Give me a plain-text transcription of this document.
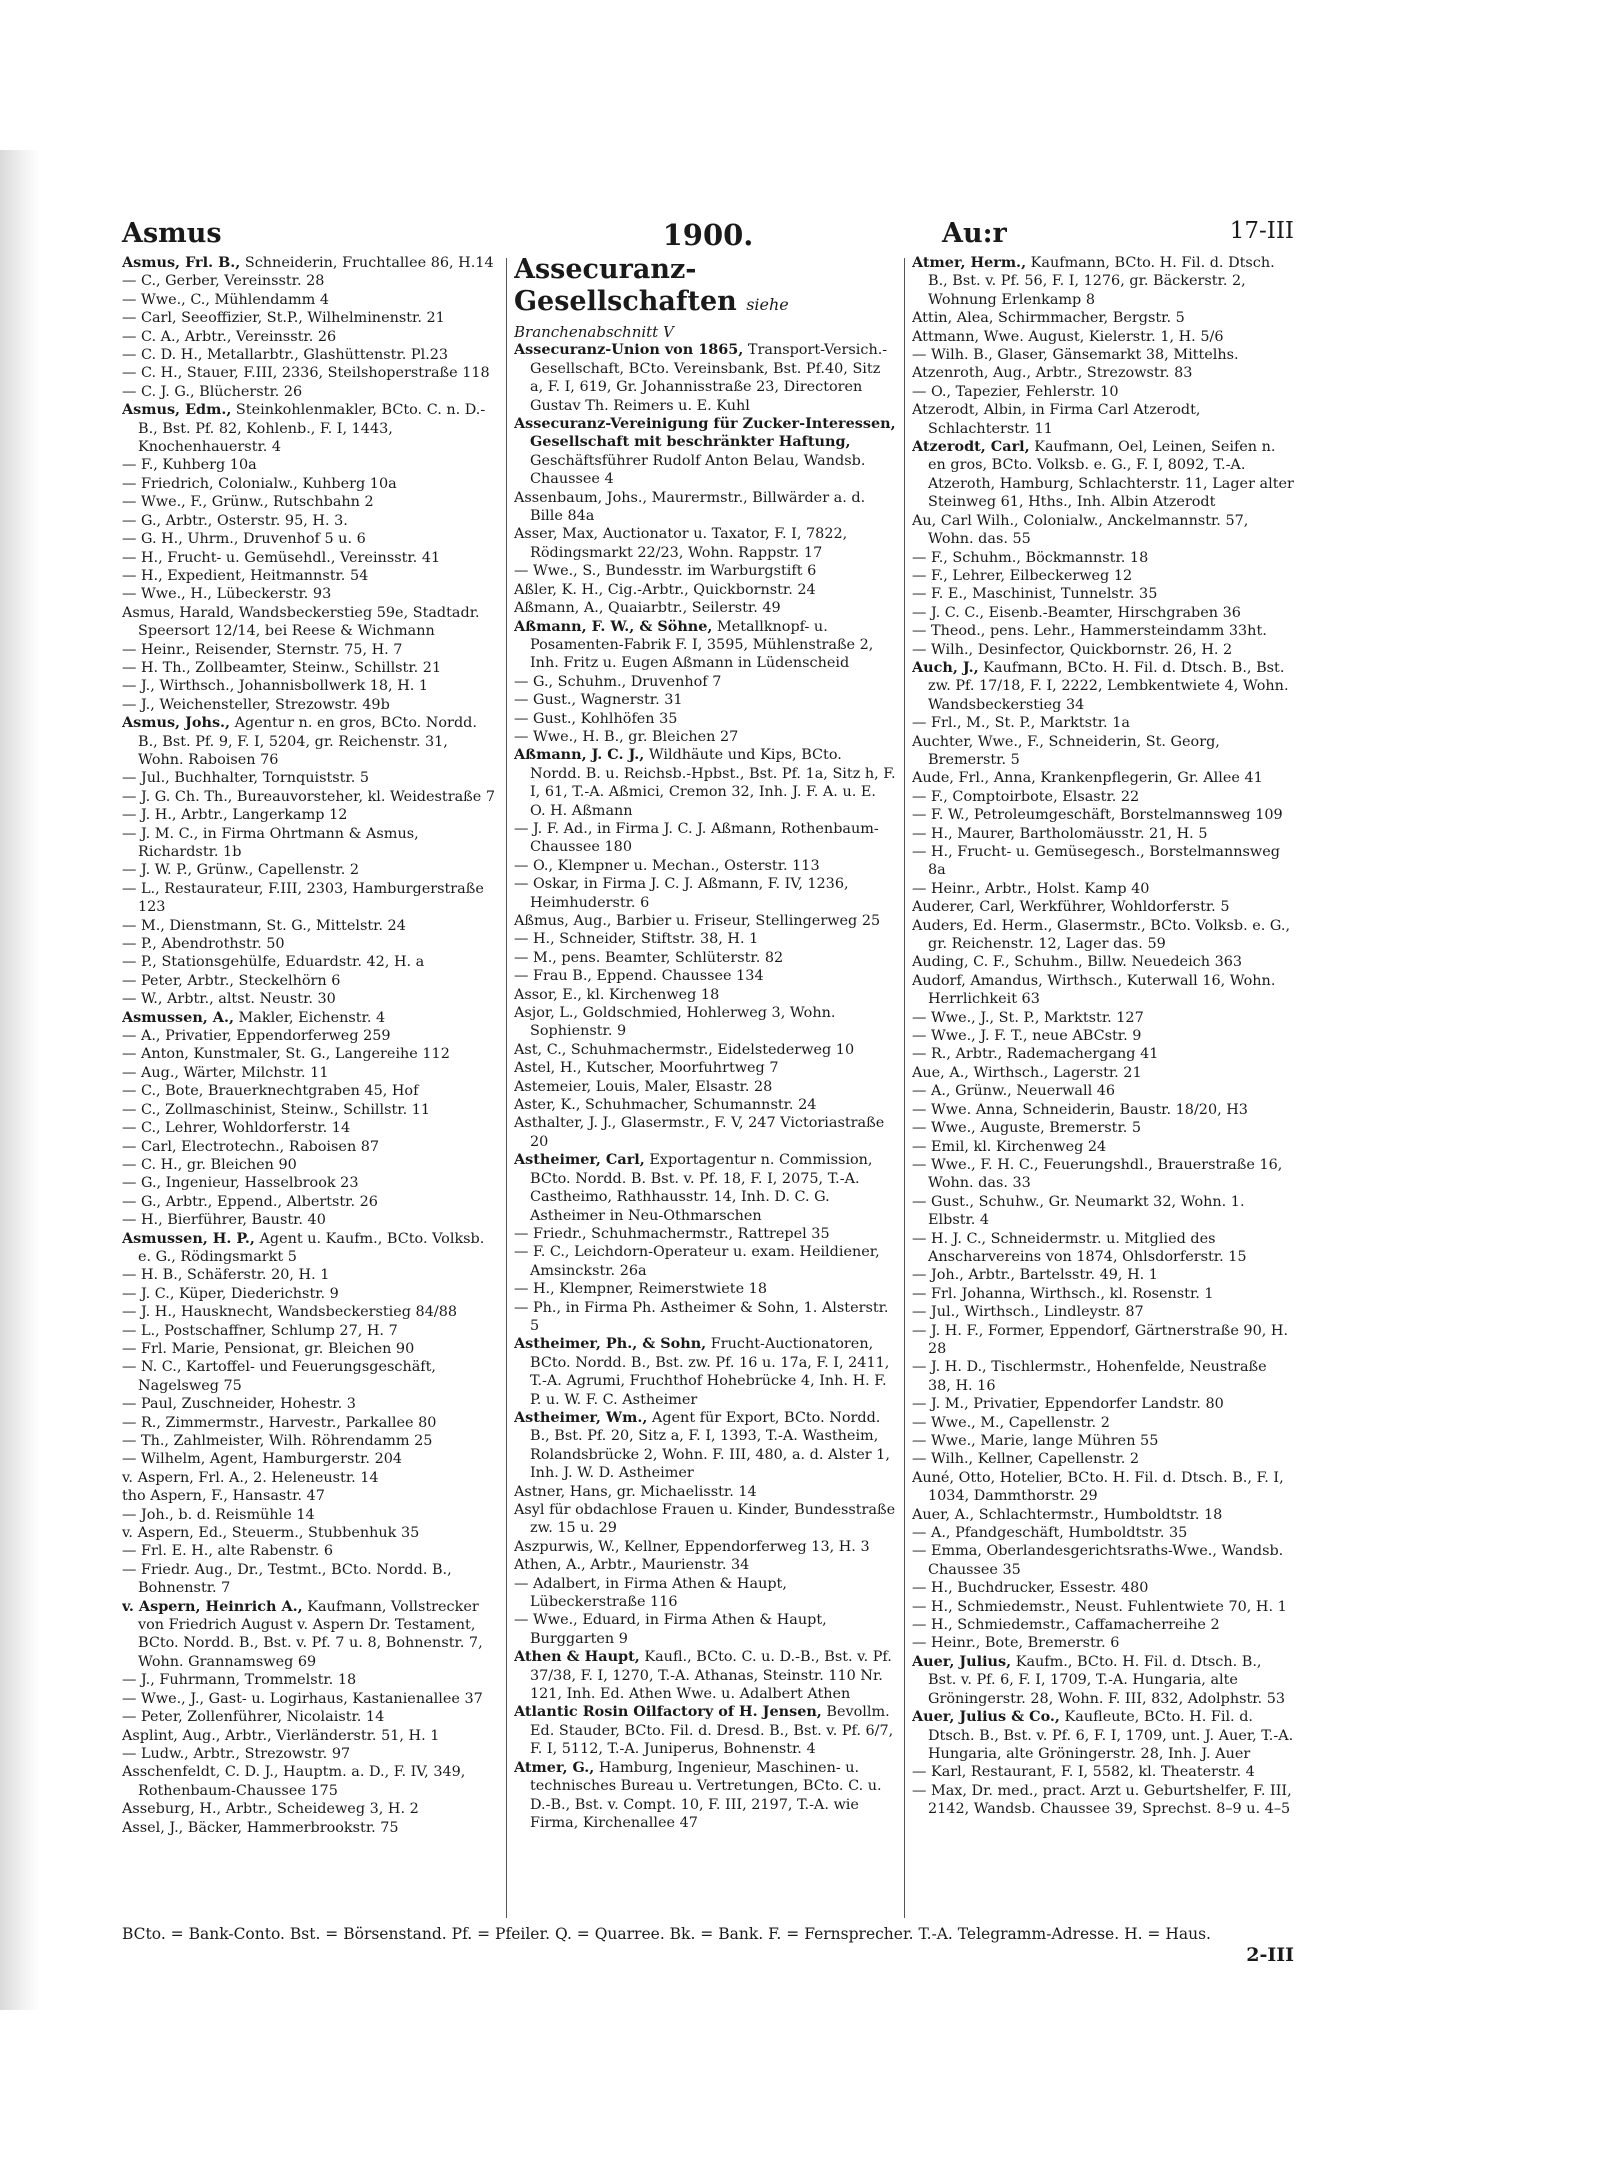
Asmus	1900.	Au:r	17-III

Asmus, Frl. B., Schneiderin, Fruchtallee 86, H.14

— C., Gerber, Vereinsstr. 28

— Wwe., C., Mühlendamm 4

— Carl, Seeoffizier, St.P., Wilhelminenstr. 21

— C. A., Arbtr., Vereinsstr. 26

— C. D. H., Metallarbtr., Glashüttenstr. Pl.23

— C. H., Stauer, F.III, 2336, Steilshoperstraße 118

— C. J. G., Blücherstr. 26

Asmus, Edm., Steinkohlenmakler, BCto. C. n. D.-B., Bst. Pf. 82, Kohlenb., F. I, 1443, Knochenhauerstr. 4

— F., Kuhberg 10a

— Friedrich, Colonialw., Kuhberg 10a

— Wwe., F., Grünw., Rutschbahn 2

— G., Arbtr., Osterstr. 95, H. 3.

— G. H., Uhrm., Druvenhof 5 u. 6

— H., Frucht- u. Gemüsehdl., Vereinsstr. 41

— H., Expedient, Heitmannstr. 54

— Wwe., H., Lübeckerstr. 93

Asmus, Harald, Wandsbeckerstieg 59e, Stadtadr. Speersort 12/14, bei Reese & Wichmann

— Heinr., Reisender, Sternstr. 75, H. 7

— H. Th., Zollbeamter, Steinw., Schillstr. 21

— J., Wirthsch., Johannisbollwerk 18, H. 1

— J., Weichensteller, Strezowstr. 49b

Asmus, Johs., Agentur n. en gros, BCto. Nordd. B., Bst. Pf. 9, F. I, 5204, gr. Reichenstr. 31, Wohn. Raboisen 76

— Jul., Buchhalter, Tornquiststr. 5

— J. G. Ch. Th., Bureauvorsteher, kl. Weidestraße 7

— J. H., Arbtr., Langerkamp 12

— J. M. C., in Firma Ohrtmann & Asmus, Richardstr. 1b

— J. W. P., Grünw., Capellenstr. 2

— L., Restaurateur, F.III, 2303, Hamburgerstraße 123

— M., Dienstmann, St. G., Mittelstr. 24

— P., Abendrothstr. 50

— P., Stationsgehülfe, Eduardstr. 42, H. a

— Peter, Arbtr., Steckelhörn 6

— W., Arbtr., altst. Neustr. 30

Asmussen, A., Makler, Eichenstr. 4

— A., Privatier, Eppendorferweg 259

— Anton, Kunstmaler, St. G., Langereihe 112

— Aug., Wärter, Milchstr. 11

— C., Bote, Brauerknechtgraben 45, Hof

— C., Zollmaschinist, Steinw., Schillstr. 11

— C., Lehrer, Wohldorferstr. 14

— Carl, Electrotechn., Raboisen 87

— C. H., gr. Bleichen 90

— G., Ingenieur, Hasselbrook 23

— G., Arbtr., Eppend., Albertstr. 26

— H., Bierführer, Baustr. 40

Asmussen, H. P., Agent u. Kaufm., BCto. Volksb. e. G., Rödingsmarkt 5

— H. B., Schäferstr. 20, H. 1

— J. C., Küper, Diederichstr. 9

— J. H., Hausknecht, Wandsbeckerstieg 84/88

— L., Postschaffner, Schlump 27, H. 7

— Frl. Marie, Pensionat, gr. Bleichen 90

— N. C., Kartoffel- und Feuerungsgeschäft, Nagelsweg 75

— Paul, Zuschneider, Hohestr. 3

— R., Zimmermstr., Harvestr., Parkallee 80

— Th., Zahlmeister, Wilh. Röhrendamm 25

— Wilhelm, Agent, Hamburgerstr. 204

v. Aspern, Frl. A., 2. Heleneustr. 14

tho Aspern, F., Hansastr. 47

— Joh., b. d. Reismühle 14

v. Aspern, Ed., Steuerm., Stubbenhuk 35

— Frl. E. H., alte Rabenstr. 6

— Friedr. Aug., Dr., Testmt., BCto. Nordd. B., Bohnenstr. 7

v. Aspern, Heinrich A., Kaufmann, Vollstrecker von Friedrich August v. Aspern Dr. Testament, BCto. Nordd. B., Bst. v. Pf. 7 u. 8, Bohnenstr. 7, Wohn. Grannamsweg 69

— J., Fuhrmann, Trommelstr. 18

— Wwe., J., Gast- u. Logirhaus, Kastanienallee 37

— Peter, Zollenführer, Nicolaistr. 14

Asplint, Aug., Arbtr., Vierländerstr. 51, H. 1

— Ludw., Arbtr., Strezowstr. 97

Asschenfeldt, C. D. J., Hauptm. a. D., F. IV, 349, Rothenbaum-Chaussee 175

Asseburg, H., Arbtr., Scheideweg 3, H. 2

Assel, J., Bäcker, Hammerbrookstr. 75

Assecuranz-Gesellschaften siehe

Branchenabschnitt V

Assecuranz-Union von 1865, Transport-Versich.-Gesellschaft, BCto. Vereinsbank, Bst. Pf.40, Sitz a, F. I, 619, Gr. Johannisstraße 23, Directoren Gustav Th. Reimers u. E. Kuhl

Assecuranz-Vereinigung für Zucker-Interessen, Gesellschaft mit beschränkter Haftung, Geschäftsführer Rudolf Anton Belau, Wandsb. Chaussee 4

Assenbaum, Johs., Maurermstr., Billwärder a. d. Bille 84a

Asser, Max, Auctionator u. Taxator, F. I, 7822, Rödingsmarkt 22/23, Wohn. Rappstr. 17

— Wwe., S., Bundesstr. im Warburgstift 6

Aßler, K. H., Cig.-Arbtr., Quickbornstr. 24

Aßmann, A., Quaiarbtr., Seilerstr. 49

Aßmann, F. W., & Söhne, Metallknopf- u. Posamenten-Fabrik F. I, 3595, Mühlenstraße 2, Inh. Fritz u. Eugen Aßmann in Lüdenscheid

— G., Schuhm., Druvenhof 7

— Gust., Wagnerstr. 31

— Gust., Kohlhöfen 35

— Wwe., H. B., gr. Bleichen 27

Aßmann, J. C. J., Wildhäute und Kips, BCto. Nordd. B. u. Reichsb.-Hpbst., Bst. Pf. 1a, Sitz h, F. I, 61, T.-A. Aßmici, Cremon 32, Inh. J. F. A. u. E. O. H. Aßmann

— J. F. Ad., in Firma J. C. J. Aßmann, Rothenbaum-Chaussee 180

— O., Klempner u. Mechan., Osterstr. 113

— Oskar, in Firma J. C. J. Aßmann, F. IV, 1236, Heimhuderstr. 6

Aßmus, Aug., Barbier u. Friseur, Stellingerweg 25

— H., Schneider, Stiftstr. 38, H. 1

— M., pens. Beamter, Schlüterstr. 82

— Frau B., Eppend. Chaussee 134

Assor, E., kl. Kirchenweg 18

Asjor, L., Goldschmied, Hohlerweg 3, Wohn. Sophienstr. 9

Ast, C., Schuhmachermstr., Eidelstederweg 10

Astel, H., Kutscher, Moorfuhrtweg 7

Astemeier, Louis, Maler, Elsastr. 28

Aster, K., Schuhmacher, Schumannstr. 24

Asthalter, J. J., Glasermstr., F. V, 247 Victoriastraße 20

Astheimer, Carl, Exportagentur n. Commission, BCto. Nordd. B. Bst. v. Pf. 18, F. I, 2075, T.-A. Castheimo, Rathhausstr. 14, Inh. D. C. G. Astheimer in Neu-Othmarschen

— Friedr., Schuhmachermstr., Rattrepel 35

— F. C., Leichdorn-Operateur u. exam. Heildiener, Amsinckstr. 26a

— H., Klempner, Reimerstwiete 18

— Ph., in Firma Ph. Astheimer & Sohn, 1. Alsterstr. 5

Astheimer, Ph., & Sohn, Frucht-Auctionatoren, BCto. Nordd. B., Bst. zw. Pf. 16 u. 17a, F. I, 2411, T.-A. Agrumi, Fruchthof Hohebrücke 4, Inh. H. F. P. u. W. F. C. Astheimer

Astheimer, Wm., Agent für Export, BCto. Nordd. B., Bst. Pf. 20, Sitz a, F. I, 1393, T.-A. Wastheim, Rolandsbrücke 2, Wohn. F. III, 480, a. d. Alster 1, Inh. J. W. D. Astheimer

Astner, Hans, gr. Michaelisstr. 14

Asyl für obdachlose Frauen u. Kinder, Bundesstraße zw. 15 u. 29

Aszpurwis, W., Kellner, Eppendorferweg 13, H. 3

Athen, A., Arbtr., Maurienstr. 34

— Adalbert, in Firma Athen & Haupt, Lübeckerstraße 116

— Wwe., Eduard, in Firma Athen & Haupt, Burggarten 9

Athen & Haupt, Kaufl., BCto. C. u. D.-B., Bst. v. Pf. 37/38, F. I, 1270, T.-A. Athanas, Steinstr. 110 Nr. 121, Inh. Ed. Athen Wwe. u. Adalbert Athen

Atlantic Rosin Oilfactory of H. Jensen, Bevollm. Ed. Stauder, BCto. Fil. d. Dresd. B., Bst. v. Pf. 6/7, F. I, 5112, T.-A. Juniperus, Bohnenstr. 4

Atmer, G., Hamburg, Ingenieur, Maschinen- u. technisches Bureau u. Vertretungen, BCto. C. u. D.-B., Bst. v. Compt. 10, F. III, 2197, T.-A. wie Firma, Kirchenallee 47

Atmer, Herm., Kaufmann, BCto. H. Fil. d. Dtsch. B., Bst. v. Pf. 56, F. I, 1276, gr. Bäckerstr. 2, Wohnung Erlenkamp 8

Attin, Alea, Schirmmacher, Bergstr. 5

Attmann, Wwe. August, Kielerstr. 1, H. 5/6

— Wilh. B., Glaser, Gänsemarkt 38, Mittelhs.

Atzenroth, Aug., Arbtr., Strezowstr. 83

— O., Tapezier, Fehlerstr. 10

Atzerodt, Albin, in Firma Carl Atzerodt, Schlachterstr. 11

Atzerodt, Carl, Kaufmann, Oel, Leinen, Seifen n. en gros, BCto. Volksb. e. G., F. I, 8092, T.-A. Atzeroth, Hamburg, Schlachterstr. 11, Lager alter Steinweg 61, Hths., Inh. Albin Atzerodt

Au, Carl Wilh., Colonialw., Anckelmannstr. 57, Wohn. das. 55

— F., Schuhm., Böckmannstr. 18

— F., Lehrer, Eilbeckerweg 12

— F. E., Maschinist, Tunnelstr. 35

— J. C. C., Eisenb.-Beamter, Hirschgraben 36

— Theod., pens. Lehr., Hammersteindamm 33ht.

— Wilh., Desinfector, Quickbornstr. 26, H. 2

Auch, J., Kaufmann, BCto. H. Fil. d. Dtsch. B., Bst. zw. Pf. 17/18, F. I, 2222, Lembkentwiete 4, Wohn. Wandsbeckerstieg 34

— Frl., M., St. P., Marktstr. 1a

Auchter, Wwe., F., Schneiderin, St. Georg, Bremerstr. 5

Aude, Frl., Anna, Krankenpflegerin, Gr. Allee 41

— F., Comptoirbote, Elsastr. 22

— F. W., Petroleumgeschäft, Borstelmannsweg 109

— H., Maurer, Bartholomäusstr. 21, H. 5

— H., Frucht- u. Gemüsegesch., Borstelmannsweg 8a

— Heinr., Arbtr., Holst. Kamp 40

Auderer, Carl, Werkführer, Wohldorferstr. 5

Auders, Ed. Herm., Glasermstr., BCto. Volksb. e. G., gr. Reichenstr. 12, Lager das. 59

Auding, C. F., Schuhm., Billw. Neuedeich 363

Audorf, Amandus, Wirthsch., Kuterwall 16, Wohn. Herrlichkeit 63

— Wwe., J., St. P., Marktstr. 127

— Wwe., J. F. T., neue ABCstr. 9

— R., Arbtr., Rademachergang 41

Aue, A., Wirthsch., Lagerstr. 21

— A., Grünw., Neuerwall 46

— Wwe. Anna, Schneiderin, Baustr. 18/20, H3

— Wwe., Auguste, Bremerstr. 5

— Emil, kl. Kirchenweg 24

— Wwe., F. H. C., Feuerungshdl., Brauerstraße 16, Wohn. das. 33

— Gust., Schuhw., Gr. Neumarkt 32, Wohn. 1. Elbstr. 4

— H. J. C., Schneidermstr. u. Mitglied des Anscharvereins von 1874, Ohlsdorferstr. 15

— Joh., Arbtr., Bartelsstr. 49, H. 1

— Frl. Johanna, Wirthsch., kl. Rosenstr. 1

— Jul., Wirthsch., Lindleystr. 87

— J. H. F., Former, Eppendorf, Gärtnerstraße 90, H. 28

— J. H. D., Tischlermstr., Hohenfelde, Neustraße 38, H. 16

— J. M., Privatier, Eppendorfer Landstr. 80

— Wwe., M., Capellenstr. 2

— Wwe., Marie, lange Mühren 55

— Wilh., Kellner, Capellenstr. 2

Auné, Otto, Hotelier, BCto. H. Fil. d. Dtsch. B., F. I, 1034, Dammthorstr. 29

Auer, A., Schlachtermstr., Humboldtstr. 18

— A., Pfandgeschäft, Humboldtstr. 35

— Emma, Oberlandesgerichtsraths-Wwe., Wandsb. Chaussee 35

— H., Buchdrucker, Essestr. 480

— H., Schmiedemstr., Neust. Fuhlentwiete 70, H. 1

— H., Schmiedemstr., Caffamacherreihe 2

— Heinr., Bote, Bremerstr. 6

Auer, Julius, Kaufm., BCto. H. Fil. d. Dtsch. B., Bst. v. Pf. 6, F. I, 1709, T.-A. Hungaria, alte Gröningerstr. 28, Wohn. F. III, 832, Adolphstr. 53

Auer, Julius & Co., Kaufleute, BCto. H. Fil. d. Dtsch. B., Bst. v. Pf. 6, F. I, 1709, unt. J. Auer, T.-A. Hungaria, alte Gröningerstr. 28, Inh. J. Auer

— Karl, Restaurant, F. I, 5582, kl. Theaterstr. 4

— Max, Dr. med., pract. Arzt u. Geburtshelfer, F. III, 2142, Wandsb. Chaussee 39, Sprechst. 8–9 u. 4–5

BCto. = Bank-Conto. Bst. = Börsenstand. Pf. = Pfeiler. Q. = Quarree. Bk. = Bank. F. = Fernsprecher. T.-A. Telegramm-Adresse. H. = Haus.
2-III
